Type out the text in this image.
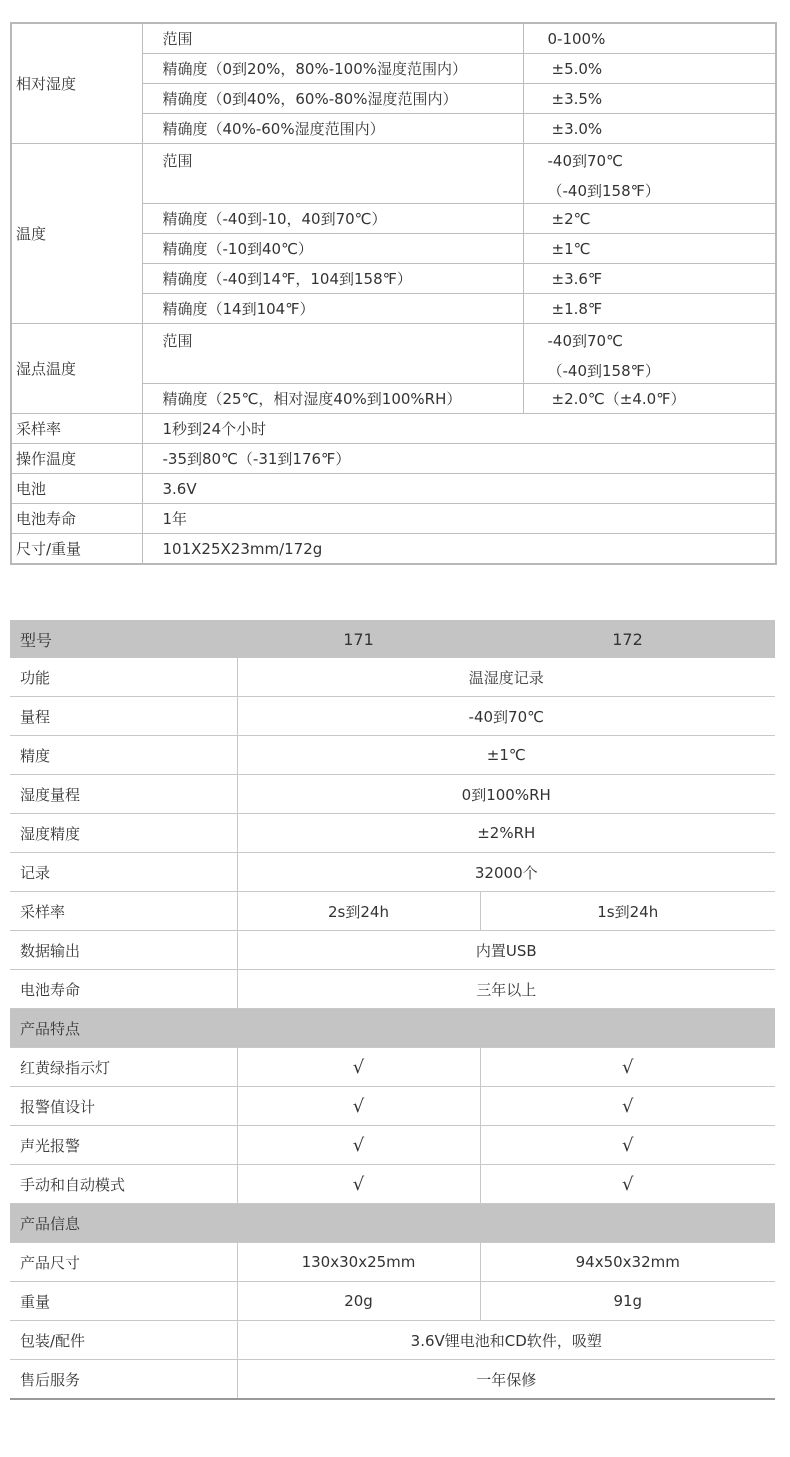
相对湿度	范围	0-100%
	精确度（0到20%，80%-100%湿度范围内）	±5.0%
	精确度（0到40%，60%-80%湿度范围内）	±3.5%
	精确度（40%-60%湿度范围内）	±3.0%
温度	范围	-40到70℃
（-40到158℉）

	精确度（-40到-10，40到70℃）	±2℃
	精确度（-10到40℃）	±1℃
	精确度（-40到14℉，104到158℉）	±3.6℉
	精确度（14到104℉）	±1.8℉
湿点温度	范围	-40到70℃
（-40到158℉）

	精确度（25℃，相对湿度40%到100%RH）	±2.0℃（±4.0℉）
采样率	1秒到24个小时	
操作温度	-35到80℃（-31到176℉）	
电池	3.6V	
电池寿命	1年	
尺寸/重量	101X25X23mm/172g	
型号	171	172
功能	温湿度记录	
量程	-40到70℃	
精度	±1℃	
湿度量程	0到100%RH	
湿度精度	±2%RH	
记录	32000个	
采样率	2s到24h	1s到24h
数据输出	内置USB	
电池寿命	三年以上	
产品特点		
红黄绿指示灯	√	√
报警值设计	√	√
声光报警	√	√
手动和自动模式	√	√
产品信息		
产品尺寸	130x30x25mm	94x50x32mm
重量	20g	91g
包装/配件	3.6V锂电池和CD软件，吸塑	
售后服务	一年保修	
